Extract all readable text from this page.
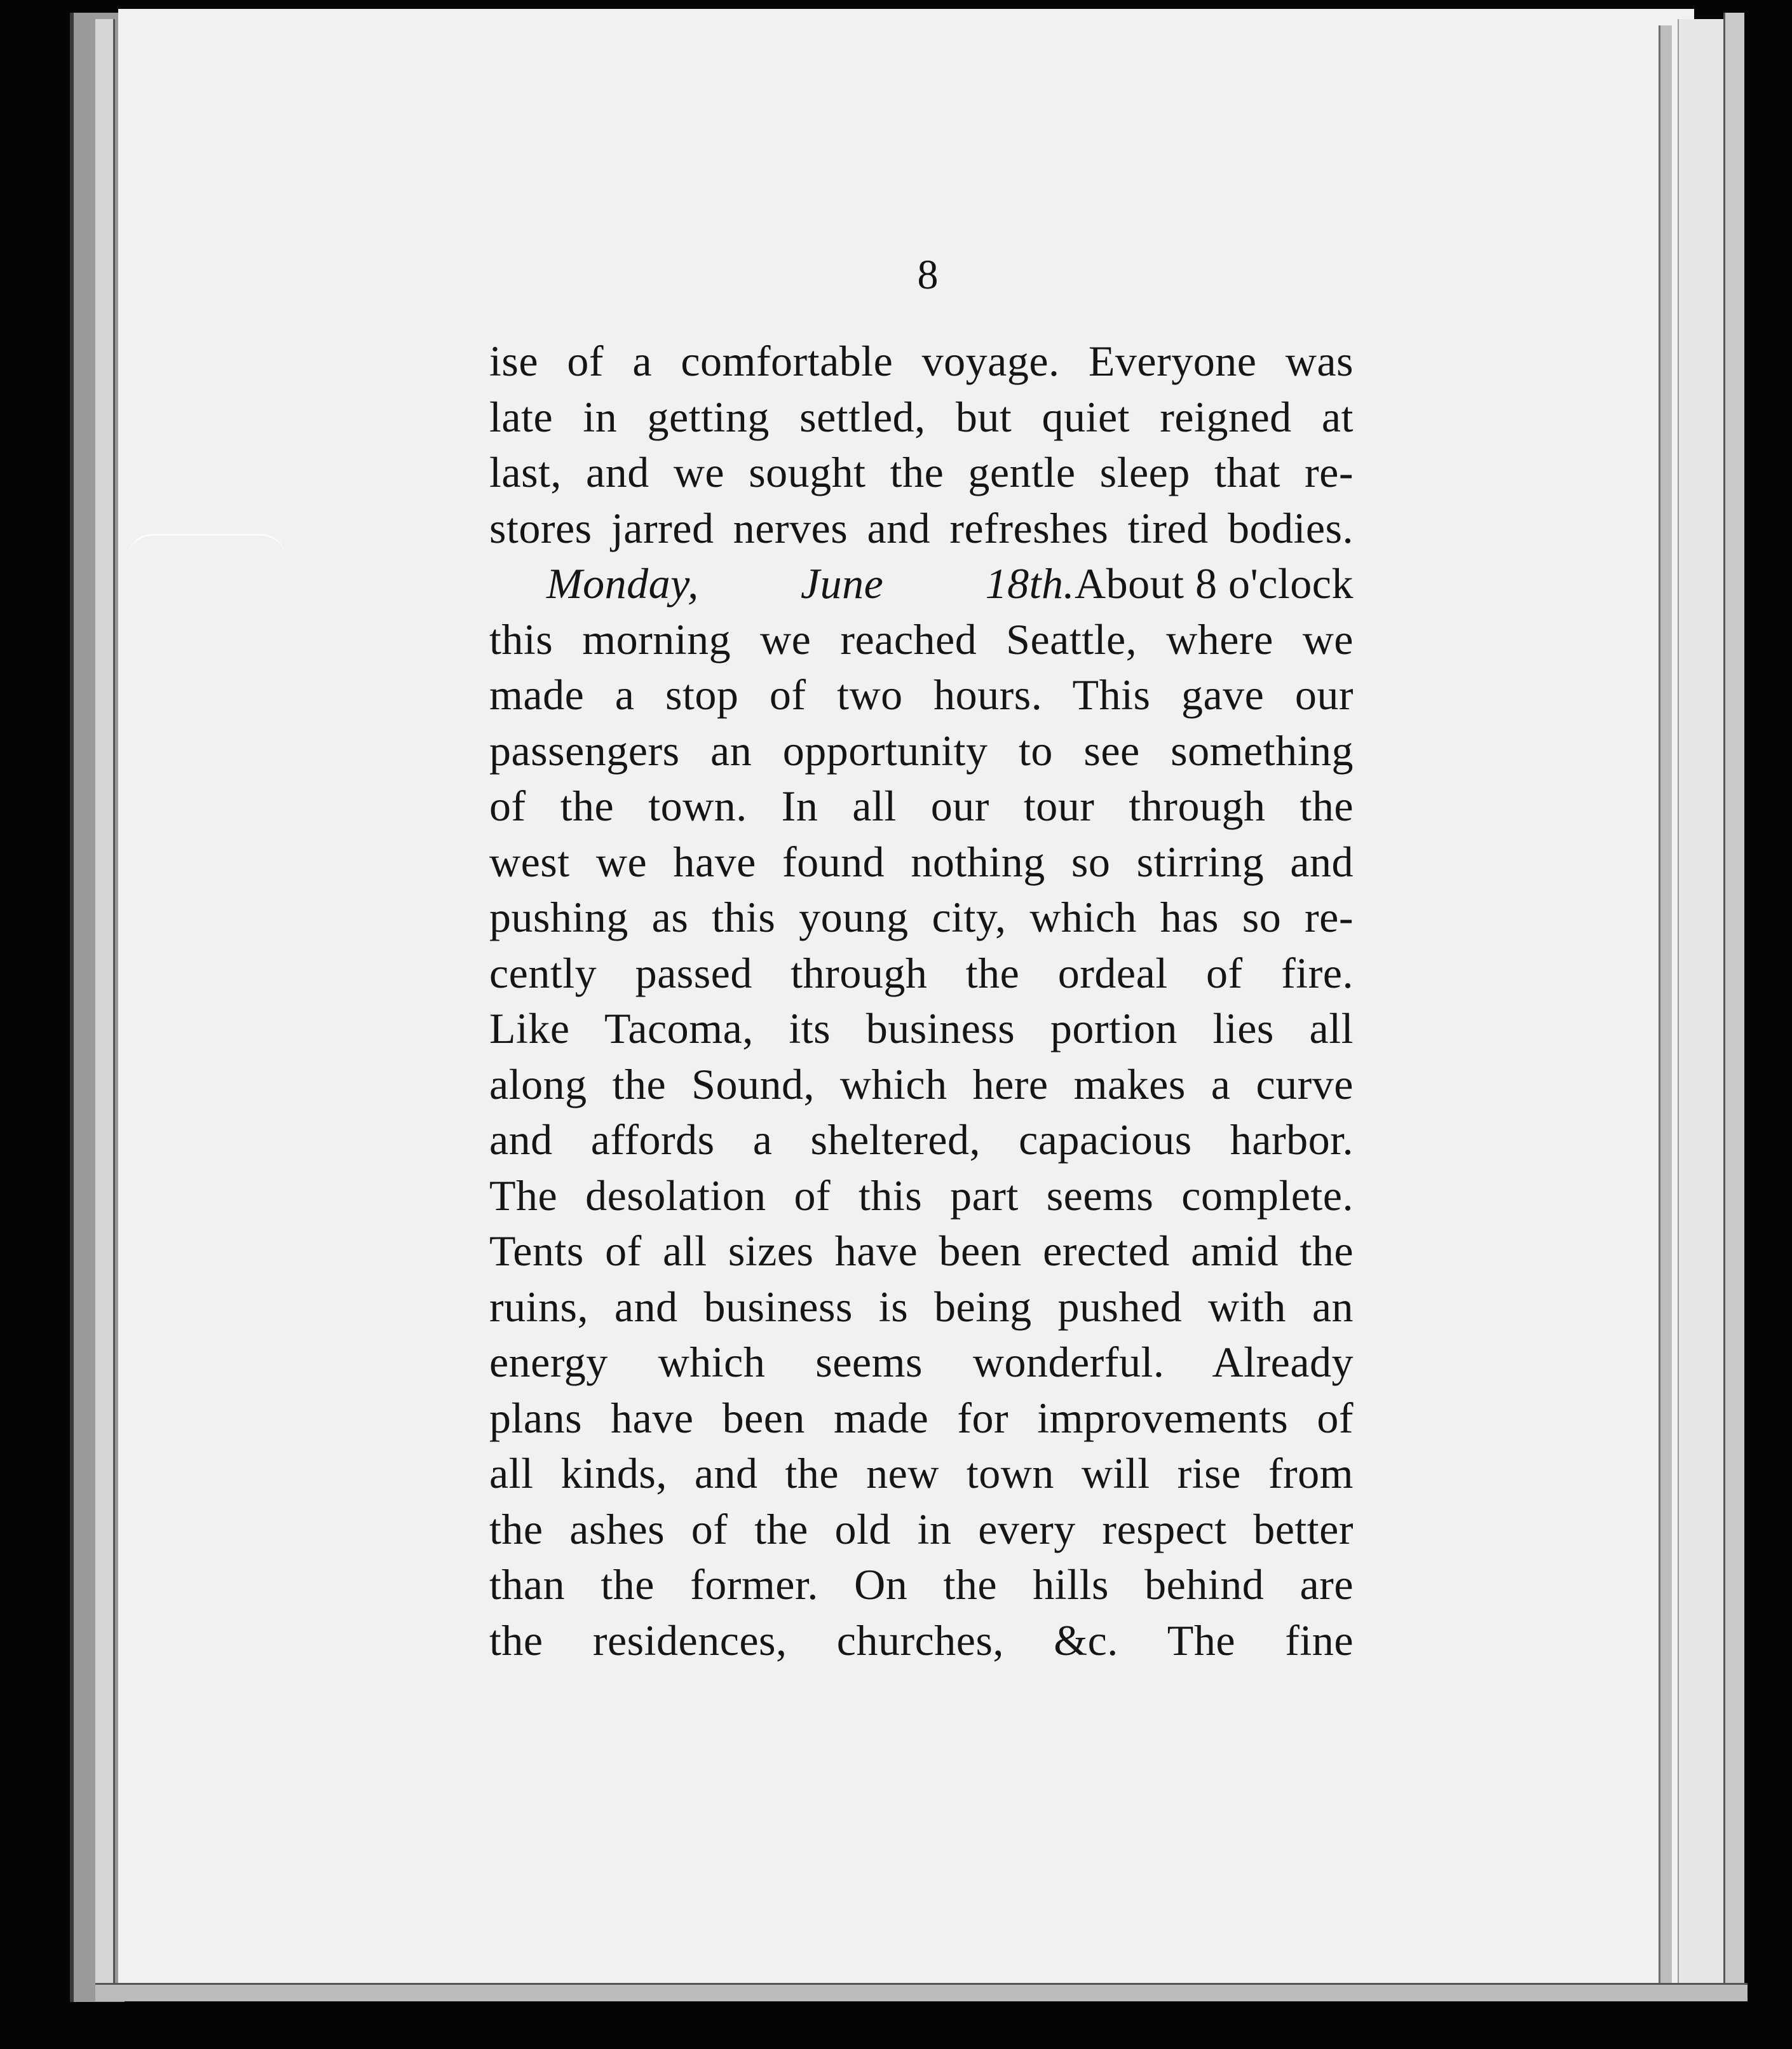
8
ise of a comfortable voyage. Everyone was
late in getting settled, but quiet reigned at
last, and we sought the gentle sleep that re-
stores jarred nerves and refreshes tired bodies.
Monday, June 18th. About 8 o'clock
this morning we reached Seattle, where we
made a stop of two hours. This gave our
passengers an opportunity to see something
of the town. In all our tour through the
west we have found nothing so stirring and
pushing as this young city, which has so re-
cently passed through the ordeal of fire.
Like Tacoma, its business portion lies all
along the Sound, which here makes a curve
and affords a sheltered, capacious harbor.
The desolation of this part seems complete.
Tents of all sizes have been erected amid the
ruins, and business is being pushed with an
energy which seems wonderful. Already
plans have been made for improvements of
all kinds, and the new town will rise from
the ashes of the old in every respect better
than the former. On the hills behind are
the residences, churches, &c. The fine
